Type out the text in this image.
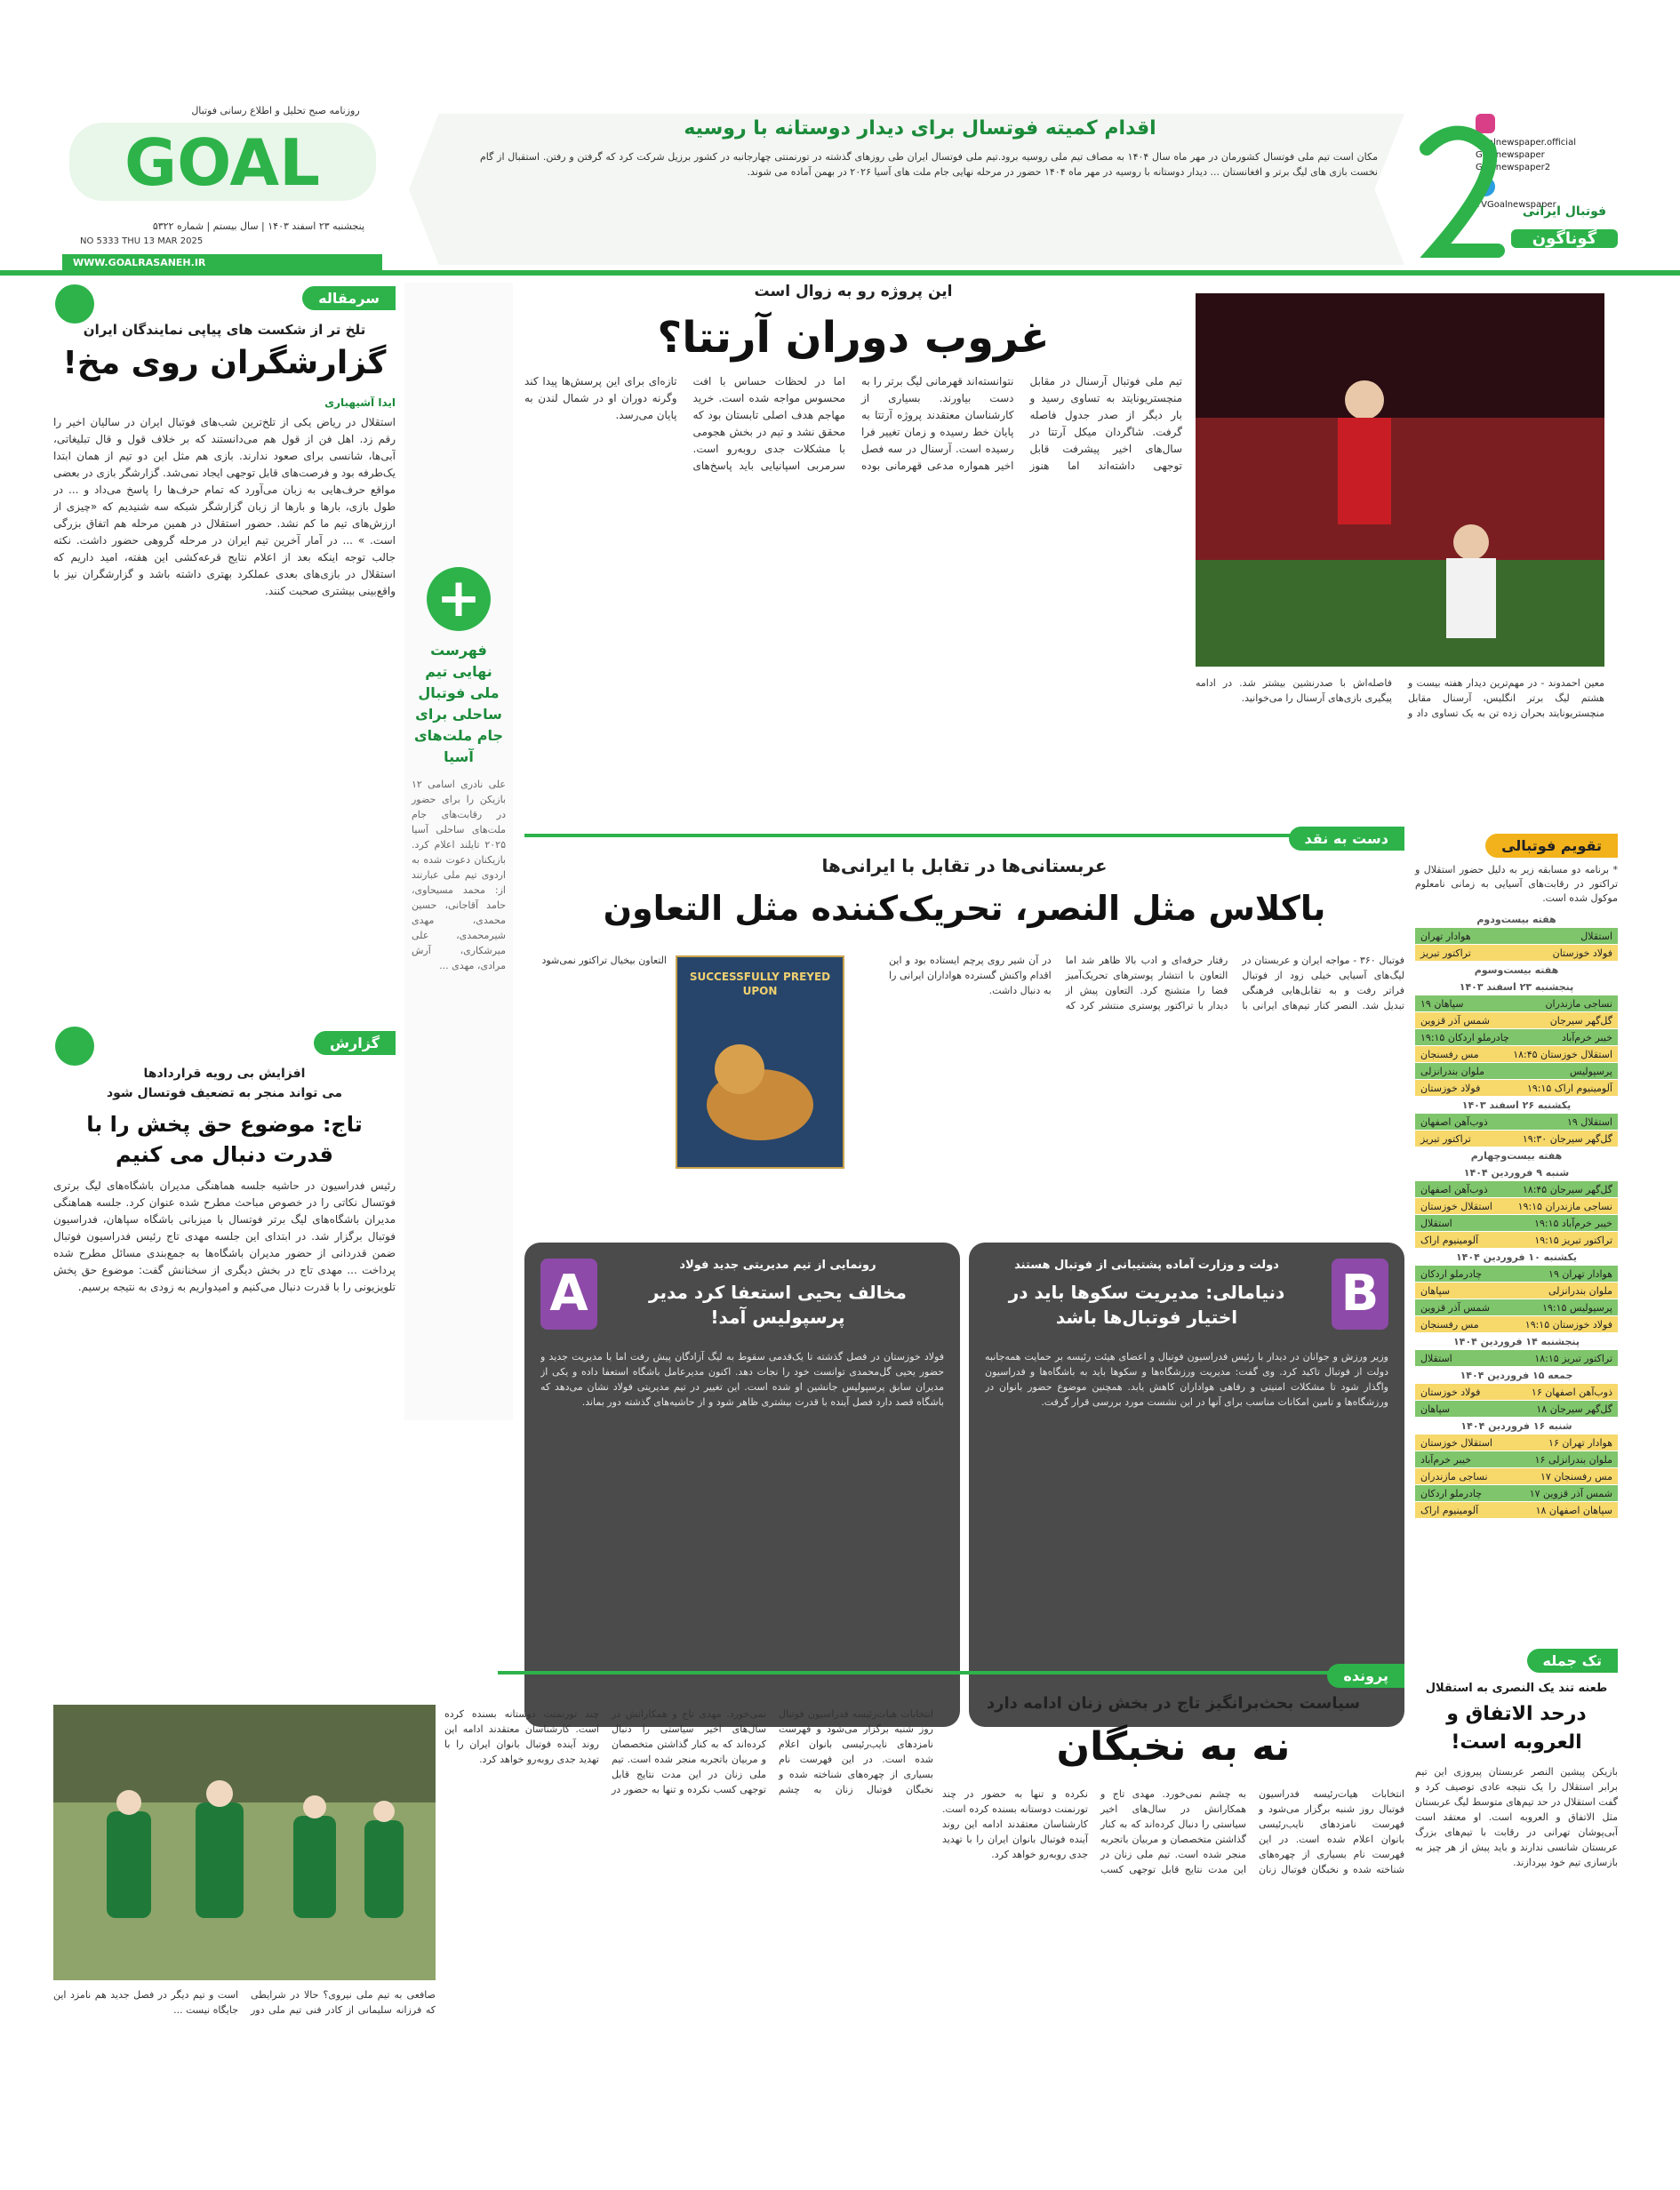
GOAL
روزنامه صبح تحلیل و اطلاع رسانی فوتبال
پنجشنبه ۲۳ اسفند ۱۴۰۳ | سال بیستم | شماره ۵۳۲۲
NO 5333 THU 13 MAR 2025
WWW.GOALRASANEH.IR
اقدام کمیته فوتسال برای دیدار دوستانه با روسیه
مکان است تیم ملی فوتسال کشورمان در مهر ماه سال ۱۴۰۴ به مصاف تیم ملی روسیه برود.تیم ملی فوتسال ایران طی روزهای گذشته در تورنمنتی چهارجانبه در کشور برزیل شرکت کرد که گرفتن و رفتن. استقبال از گام نخست بازی های لیگ برتر و افغانستان ... دیدار دوستانه با روسیه در مهر ماه ۱۴۰۴ حضور در مرحله نهایی جام ملت های آسیا ۲۰۲۶ در بهمن آماده می شوند.
Goalnewspaper.official
Goalnewspaper
Goalnewspaper2
TVGoalnewspaper
فوتبال ایرانی
گوناگون
سرمقاله
تلخ تر از شکست های پیاپی نمایندگان ایران
گزارشگران روی مخ!
ایدا آشیهباری
استقلال در ریاض یکی از تلخ‌ترین شب‌های فوتبال ایران در سالیان اخیر را رقم زد. اهل فن از قول هم می‌دانستند که بر خلاف قول و قال تبلیغاتی، آبی‌ها، شانسی برای صعود ندارند. بازی هم مثل این دو تیم از همان ابتدا یک‌طرفه بود و فرصت‌های قابل توجهی ایجاد نمی‌شد. گزارشگر بازی در بعضی مواقع حرف‌هایی به زبان می‌آورد که تمام حرف‌ها را پاسخ می‌داد و ... در طول بازی، بارها و بارها از زبان گزارشگر شبکه سه شنیدیم که «چیزی از ارزش‌های تیم ما کم نشد. حضور استقلال در همین مرحله هم اتفاق بزرگی است. » ... در آمار آخرین تیم ایران در مرحله گروهی حضور داشت. نکته جالب توجه اینکه بعد از اعلام نتایج قرعه‌کشی این هفته، امید داریم که استقلال در بازی‌های بعدی عملکرد بهتری داشته باشد و گزارشگران نیز با واقع‌بینی بیشتری صحبت کنند.
گزارش
افزایش بی رویه قراردادها
می تواند منجر به تضعیف فوتسال شود
تاج: موضوع حق پخش را با قدرت دنبال می کنیم
رئیس فدراسیون در حاشیه جلسه هماهنگی مدیران باشگاه‌های لیگ برتری فوتسال نکاتی را در خصوص مباحث مطرح شده عنوان کرد. جلسه هماهنگی مدیران باشگاه‌های لیگ برتر فوتسال با میزبانی باشگاه سپاهان، فدراسیون فوتبال برگزار شد. در ابتدای این جلسه مهدی تاج رئیس فدراسیون فوتبال ضمن قدردانی از حضور مدیران باشگاه‌ها به جمع‌بندی مسائل مطرح شده پرداخت ... مهدی تاج در بخش دیگری از سخنانش گفت: موضوع حق پخش تلویزیونی را با قدرت دنبال می‌کنیم و امیدواریم به زودی به نتیجه برسیم.
+
فهرست نهایی تیم ملی فوتبال ساحلی برای جام ملت‌های آسیا
علی نادری اسامی ۱۲ بازیکن را برای حضور در رقابت‌های جام ملت‌های ساحلی آسیا ۲۰۲۵ تایلند اعلام کرد. بازیکنان دعوت شده به اردوی تیم ملی عبارتند از: محمد مسیحاوی، حامد آقاجانی، حسین محمدی، مهدی شیرمحمدی، علی میرشکاری، آرش مرادی، مهدی ...
این پروژه رو به زوال است
غروب دوران آرتتا؟
تیم ملی فوتبال آرسنال در مقابل منچستریونایتد به تساوی رسید و بار دیگر از صدر جدول فاصله گرفت. شاگردان میکل آرتتا در سال‌های اخیر پیشرفت قابل توجهی داشته‌اند اما هنوز نتوانسته‌اند قهرمانی لیگ برتر را به دست بیاورند. بسیاری از کارشناسان معتقدند پروژه آرتتا به پایان خط رسیده و زمان تغییر فرا رسیده است. آرسنال در سه فصل اخیر همواره مدعی قهرمانی بوده اما در لحظات حساس با افت محسوس مواجه شده است. خرید مهاجم هدف اصلی تابستان بود که محقق نشد و تیم در بخش هجومی با مشکلات جدی روبه‌رو است. سرمربی اسپانیایی باید پاسخ‌های تازه‌ای برای این پرسش‌ها پیدا کند وگرنه دوران او در شمال لندن به پایان می‌رسد.
معین احمدوند - در مهم‌ترین دیدار هفته بیست و هشتم لیگ برتر انگلیس، آرسنال مقابل منچستریونایتد بحران زده تن به یک تساوی داد و فاصله‌اش با صدرنشین بیشتر شد. در ادامه پیگیری بازی‌های آرسنال را می‌خوانید.
دست به نقد
عربستانی‌ها در تقابل با ایرانی‌ها
باکلاس مثل النصر، تحریک‌کننده مثل التعاون
فوتبال ۳۶۰ - مواجه ایران و عربستان در لیگ‌های آسیایی خیلی زود از فوتبال فراتر رفت و به تقابل‌هایی فرهنگی تبدیل شد. النصر کنار تیم‌های ایرانی با رفتار حرفه‌ای و ادب بالا ظاهر شد اما التعاون با انتشار پوسترهای تحریک‌آمیز فضا را متشنج کرد. التعاون پیش از دیدار با تراکتور پوستری منتشر کرد که در آن شیر روی پرچم ایستاده بود و این اقدام واکنش گسترده هواداران ایرانی را به دنبال داشت.
SUCCESSFULLY PREYED UPON
التعاون بیخیال تراکتور نمی‌شود
B
دولت و وزارت آماده پشتیبانی از فوتبال هستند
دنیامالی: مدیریت سکوها باید در اختیار فوتبال‌ها باشد
وزیر ورزش و جوانان در دیدار با رئیس فدراسیون فوتبال و اعضای هیئت رئیسه بر حمایت همه‌جانبه دولت از فوتبال تاکید کرد. وی گفت: مدیریت ورزشگاه‌ها و سکوها باید به باشگاه‌ها و فدراسیون واگذار شود تا مشکلات امنیتی و رفاهی هواداران کاهش یابد. همچنین موضوع حضور بانوان در ورزشگاه‌ها و تامین امکانات مناسب برای آنها در این نشست مورد بررسی قرار گرفت.
A	رونمایی از تیم مدیریتی جدید فولاد
مخالف یحیی استعفا کرد مدیر پرسپولیس آمد!
فولاد خوزستان در فصل گذشته تا یک‌قدمی سقوط به لیگ آزادگان پیش رفت اما با مدیریت جدید و حضور یحیی گل‌محمدی توانست خود را نجات دهد. اکنون مدیرعامل باشگاه استعفا داده و یکی از مدیران سابق پرسپولیس جانشین او شده است. این تغییر در تیم مدیریتی فولاد نشان می‌دهد که باشگاه قصد دارد فصل آینده با قدرت بیشتری ظاهر شود و از حاشیه‌های گذشته دور بماند.
تقویم فوتبالی
* برنامه دو مسابقه زیر به دلیل حضور استقلال و تراکتور در رقابت‌های آسیایی به زمانی نامعلوم موکول شده است.
هفته بیست‌ودوم
استقلال
هوادار تهران
فولاد خوزستان
تراکتور تبریز
هفته بیست‌وسوم
پنجشنبه ۲۳ اسفند ۱۴۰۳
نساجی مازندران
سپاهان ۱۹
گل‌گهر سیرجان
شمس آذر قزوین
خیبر خرم‌آباد
چادرملو اردکان ۱۹:۱۵
استقلال خوزستان ۱۸:۴۵
مس رفسنجان
پرسپولیس
ملوان بندرانزلی
آلومینیوم اراک ۱۹:۱۵
فولاد خوزستان
یکشنبه ۲۶ اسفند ۱۴۰۳
استقلال ۱۹
ذوب‌آهن اصفهان
گل‌گهر سیرجان ۱۹:۳۰
تراکتور تبریز
هفته بیست‌وچهارم
شنبه ۹ فروردین ۱۴۰۴
گل‌گهر سیرجان ۱۸:۴۵
ذوب‌آهن اصفهان
نساجی مازندران ۱۹:۱۵
استقلال خوزستان
خیبر خرم‌آباد ۱۹:۱۵
استقلال
تراکتور تبریز ۱۹:۱۵
آلومینیوم اراک
یکشنبه ۱۰ فروردین ۱۴۰۴
هوادار تهران ۱۹
چادرملو اردکان
ملوان بندرانزلی
سپاهان
پرسپولیس ۱۹:۱۵
شمس آذر قزوین
فولاد خوزستان ۱۹:۱۵
مس رفسنجان
پنجشنبه ۱۴ فروردین ۱۴۰۴
تراکتور تبریز ۱۸:۱۵
استقلال
جمعه ۱۵ فروردین ۱۴۰۴
ذوب‌آهن اصفهان ۱۶
فولاد خوزستان
گل‌گهر سیرجان ۱۸
سپاهان
شنبه ۱۶ فروردین ۱۴۰۴
هوادار تهران ۱۶
استقلال خوزستان
ملوان بندرانزلی ۱۶
خیبر خرم‌آباد
مس رفسنجان ۱۷
نساجی مازندران
شمس آذر قزوین ۱۷
چادرملو اردکان
سپاهان اصفهان ۱۸
آلومینیوم اراک
تک جمله
طعنه تند یک النصری به استقلال
درحد الاتفاق و العروبه است!
بازیکن پیشین النصر عربستان پیروزی این تیم برابر استقلال را یک نتیجه عادی توصیف کرد و گفت استقلال در حد تیم‌های متوسط لیگ عربستان مثل الاتفاق و العروبه است. او معتقد است آبی‌پوشان تهرانی در رقابت با تیم‌های بزرگ عربستان شانسی ندارند و باید پیش از هر چیز به بازسازی تیم خود بپردازند.
پرونده
سیاست بحث‌برانگیز تاج در بخش زنان ادامه دارد
نه به نخبگان
انتخابات هیات‌رئیسه فدراسیون فوتبال روز شنبه برگزار می‌شود و فهرست نامزدهای نایب‌رئیسی بانوان اعلام شده است. در این فهرست نام بسیاری از چهره‌های شناخته شده و نخبگان فوتبال زنان به چشم نمی‌خورد. مهدی تاج و همکارانش در سال‌های اخیر سیاستی را دنبال کرده‌اند که به کنار گذاشتن متخصصان و مربیان باتجربه منجر شده است. تیم ملی زنان در این مدت نتایج قابل توجهی کسب نکرده و تنها به حضور در چند تورنمنت دوستانه بسنده کرده است. کارشناسان معتقدند ادامه این روند آینده فوتبال بانوان ایران را با تهدید جدی روبه‌رو خواهد کرد.
انتخابات هیات‌رئیسه فدراسیون فوتبال روز شنبه برگزار می‌شود و فهرست نامزدهای نایب‌رئیسی بانوان اعلام شده است. در این فهرست نام بسیاری از چهره‌های شناخته شده و نخبگان فوتبال زنان به چشم نمی‌خورد. مهدی تاج و همکارانش در سال‌های اخیر سیاستی را دنبال کرده‌اند که به کنار گذاشتن متخصصان و مربیان باتجربه منجر شده است. تیم ملی زنان در این مدت نتایج قابل توجهی کسب نکرده و تنها به حضور در چند تورنمنت دوستانه بسنده کرده است. کارشناسان معتقدند ادامه این روند آینده فوتبال بانوان ایران را با تهدید جدی روبه‌رو خواهد کرد.
صافعی به تیم ملی نیروی؟ حالا در شرایطی که فرزانه سلیمانی از کادر فنی تیم ملی دور است و تیم دیگر در فصل جدید هم نامزد این جایگاه نیست ...
